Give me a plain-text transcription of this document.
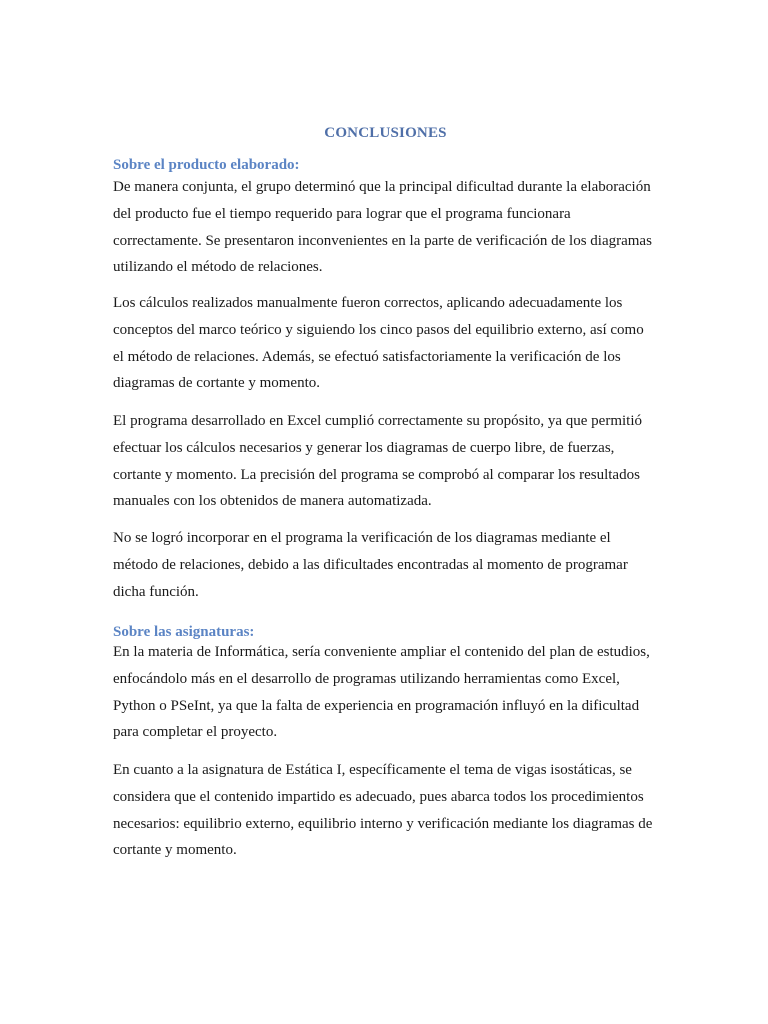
CONCLUSIONES
Sobre el producto elaborado:

De manera conjunta, el grupo determinó que la principal dificultad durante la elaboración del producto fue el tiempo requerido para lograr que el programa funcionara correctamente. Se presentaron inconvenientes en la parte de verificación de los diagramas utilizando el método de relaciones.

Los cálculos realizados manualmente fueron correctos, aplicando adecuadamente los conceptos del marco teórico y siguiendo los cinco pasos del equilibrio externo, así como el método de relaciones. Además, se efectuó satisfactoriamente la verificación de los diagramas de cortante y momento.

El programa desarrollado en Excel cumplió correctamente su propósito, ya que permitió efectuar los cálculos necesarios y generar los diagramas de cuerpo libre, de fuerzas, cortante y momento. La precisión del programa se comprobó al comparar los resultados manuales con los obtenidos de manera automatizada.

No se logró incorporar en el programa la verificación de los diagramas mediante el método de relaciones, debido a las dificultades encontradas al momento de programar dicha función.

Sobre las asignaturas:

En la materia de Informática, sería conveniente ampliar el contenido del plan de estudios, enfocándolo más en el desarrollo de programas utilizando herramientas como Excel, Python o PSeInt, ya que la falta de experiencia en programación influyó en la dificultad para completar el proyecto.

En cuanto a la asignatura de Estática I, específicamente el tema de vigas isostáticas, se considera que el contenido impartido es adecuado, pues abarca todos los procedimientos necesarios: equilibrio externo, equilibrio interno y verificación mediante los diagramas de cortante y momento.
